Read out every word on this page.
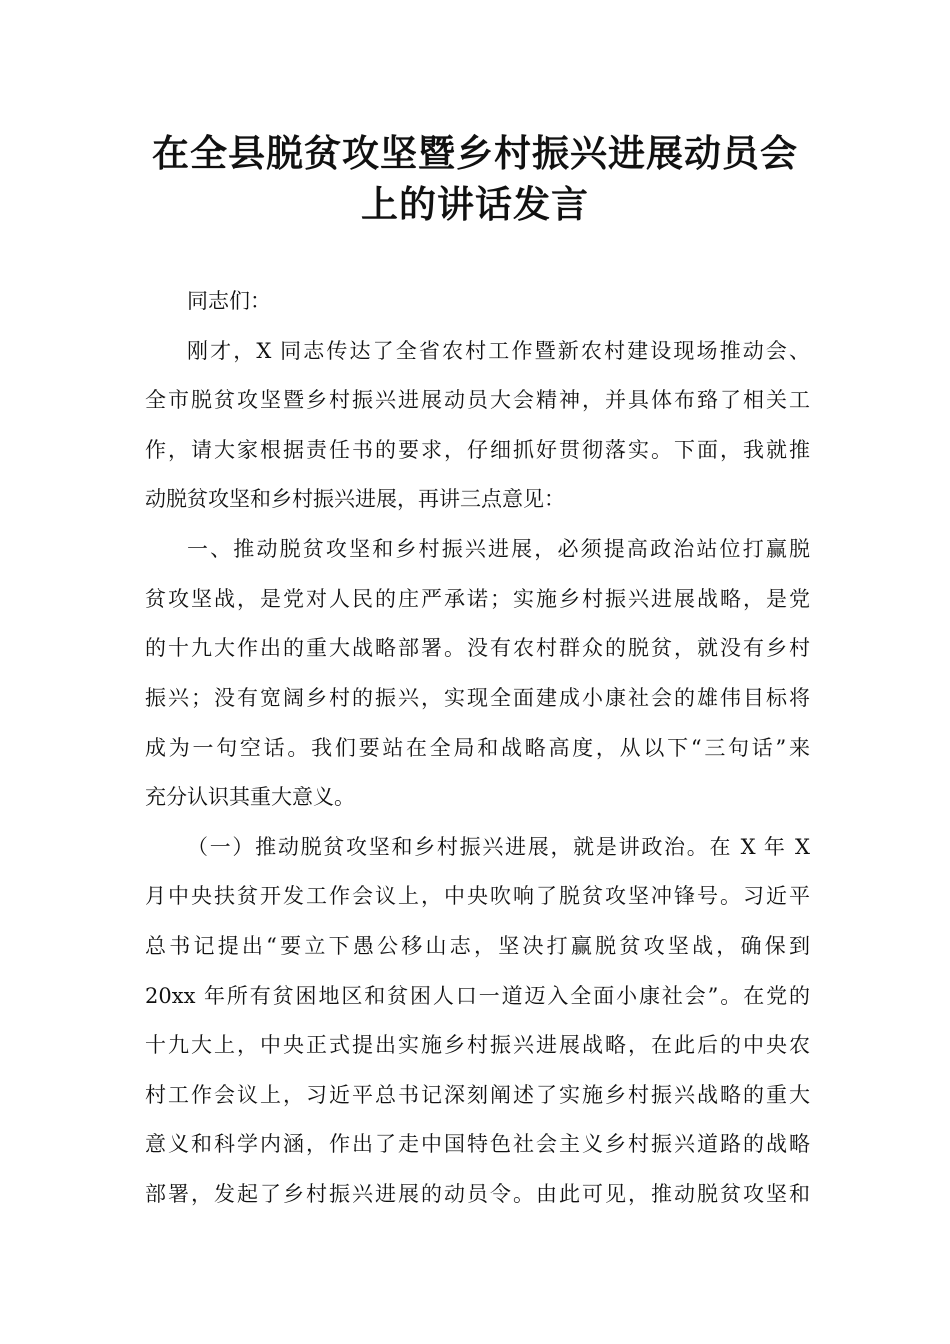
在全县脱贫攻坚暨乡村振兴进展动员会
上的讲话发言
同志们：
刚才，X 同志传达了全省农村工作暨新农村建设现场推动会、
全市脱贫攻坚暨乡村振兴进展动员大会精神，并具体布臵了相关工
作，请大家根据责任书的要求，仔细抓好贯彻落实。下面，我就推
动脱贫攻坚和乡村振兴进展，再讲三点意见：
一、推动脱贫攻坚和乡村振兴进展，必须提高政治站位打赢脱
贫攻坚战，是党对人民的庄严承诺；实施乡村振兴进展战略，是党
的十九大作出的重大战略部署。没有农村群众的脱贫，就没有乡村
振兴；没有宽阔乡村的振兴，实现全面建成小康社会的雄伟目标将
成为一句空话。我们要站在全局和战略高度，从以下“三句话”来
充分认识其重大意义。
（一）推动脱贫攻坚和乡村振兴进展，就是讲政治。在 X 年 X
月中央扶贫开发工作会议上，中央吹响了脱贫攻坚冲锋号。习近平
总书记提出“要立下愚公移山志，坚决打赢脱贫攻坚战，确保到
20xx 年所有贫困地区和贫困人口一道迈入全面小康社会”。在党的
十九大上，中央正式提出实施乡村振兴进展战略，在此后的中央农
村工作会议上，习近平总书记深刻阐述了实施乡村振兴战略的重大
意义和科学内涵，作出了走中国特色社会主义乡村振兴道路的战略
部署，发起了乡村振兴进展的动员令。由此可见，推动脱贫攻坚和
